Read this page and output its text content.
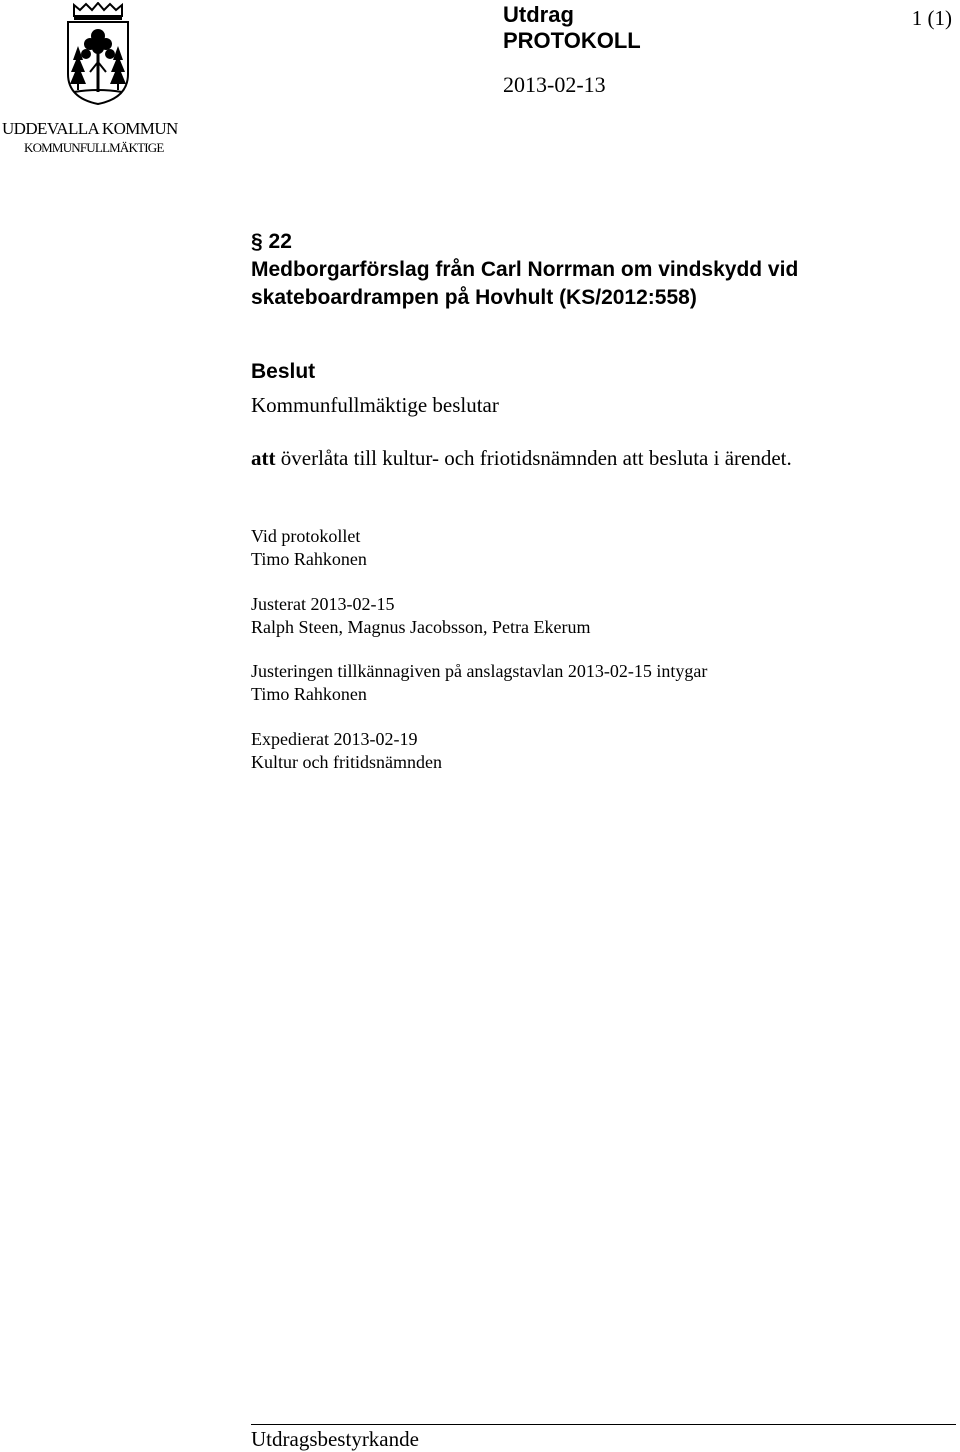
UDDEVALLA KOMMUN
KOMMUNFULLMÄKTIGE
Utdrag
PROTOKOLL
2013-02-13
1 (1)
§ 22
Medborgarförslag från Carl Norrman om vindskydd vid skateboardrampen på Hovhult (KS/2012:558)
Beslut
Kommunfullmäktige beslutar
att överlåta till kultur- och friotidsnämnden att besluta i ärendet.
Vid protokollet
Timo Rahkonen
Justerat 2013-02-15
Ralph Steen, Magnus Jacobsson, Petra Ekerum
Justeringen tillkännagiven på anslagstavlan 2013-02-15 intygar
Timo Rahkonen
Expedierat 2013-02-19
Kultur och fritidsnämnden
Utdragsbestyrkande
